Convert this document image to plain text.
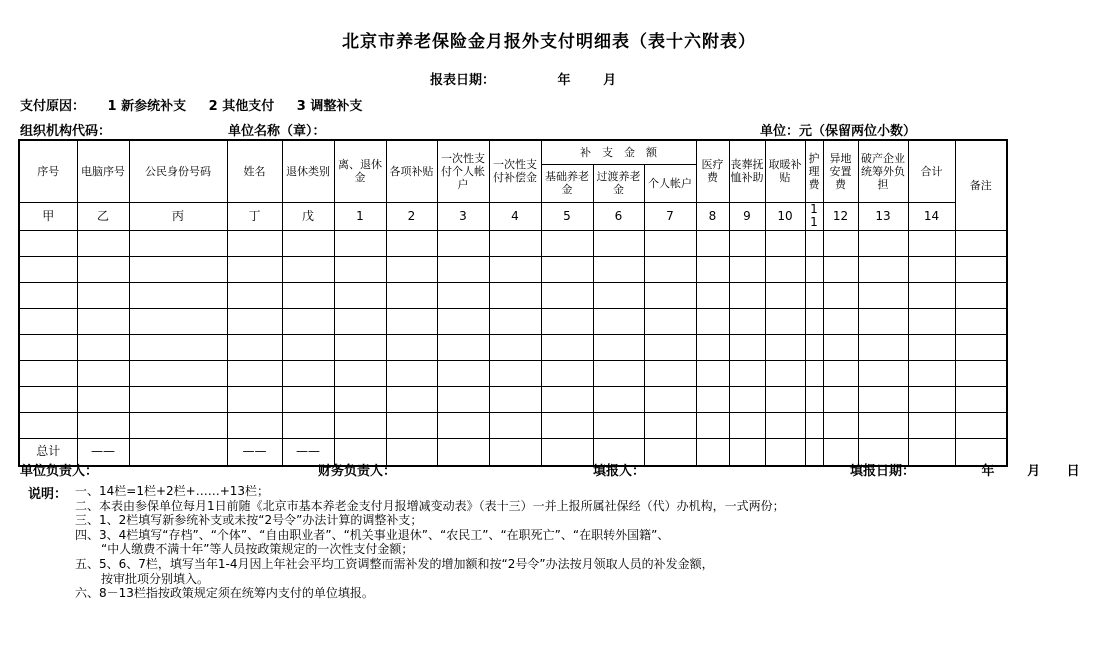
北京市养老保险金月报外支付明细表（表十六附表）
报表日期：	年	月
支付原因： 1 新参统补支 2 其他支付 3 调整补支
组织机构代码：	单位名称（章）：	单位：元（保留两位小数）
序号	电脑序号	公民身份号码	姓名	退休类别	离、退休金	各项补贴	一次性支付个人帐户	一次性支付补偿金	补　支　金　额			医疗费	丧葬抚恤补助	取暖补贴	护理费	异地安置费	破产企业统筹外负担	合计	备注
									基础养老金	过渡养老金	个人帐户								
甲	乙	丙	丁	戊	1	2	3	4	5	6	7	8	9	10	11	12	13	14	

总计	——		——	——															
单位负责人：	财务负责人：	填报人：	填报日期：	年	月 日
说明： 一、14栏=1栏+2栏+……+13栏；
二、本表由参保单位每月1日前随《北京市基本养老金支付月报增减变动表》（表十三）一并上报所属社保经（代）办机构，一式两份；
三、1、2栏填写新参统补支或未按“2号令”办法计算的调整补支；
四、3、4栏填写“存档”、“个体”、“自由职业者”、“机关事业退休”、“农民工”、“在职死亡”、“在职转外国籍”、
“中人缴费不满十年”等人员按政策规定的一次性支付金额；
五、5、6、7栏，填写当年1-4月因上年社会平均工资调整而需补发的增加额和按“2号令”办法按月领取人员的补发金额，
按审批项分别填入。
六、8－13栏指按政策规定须在统筹内支付的单位填报。
